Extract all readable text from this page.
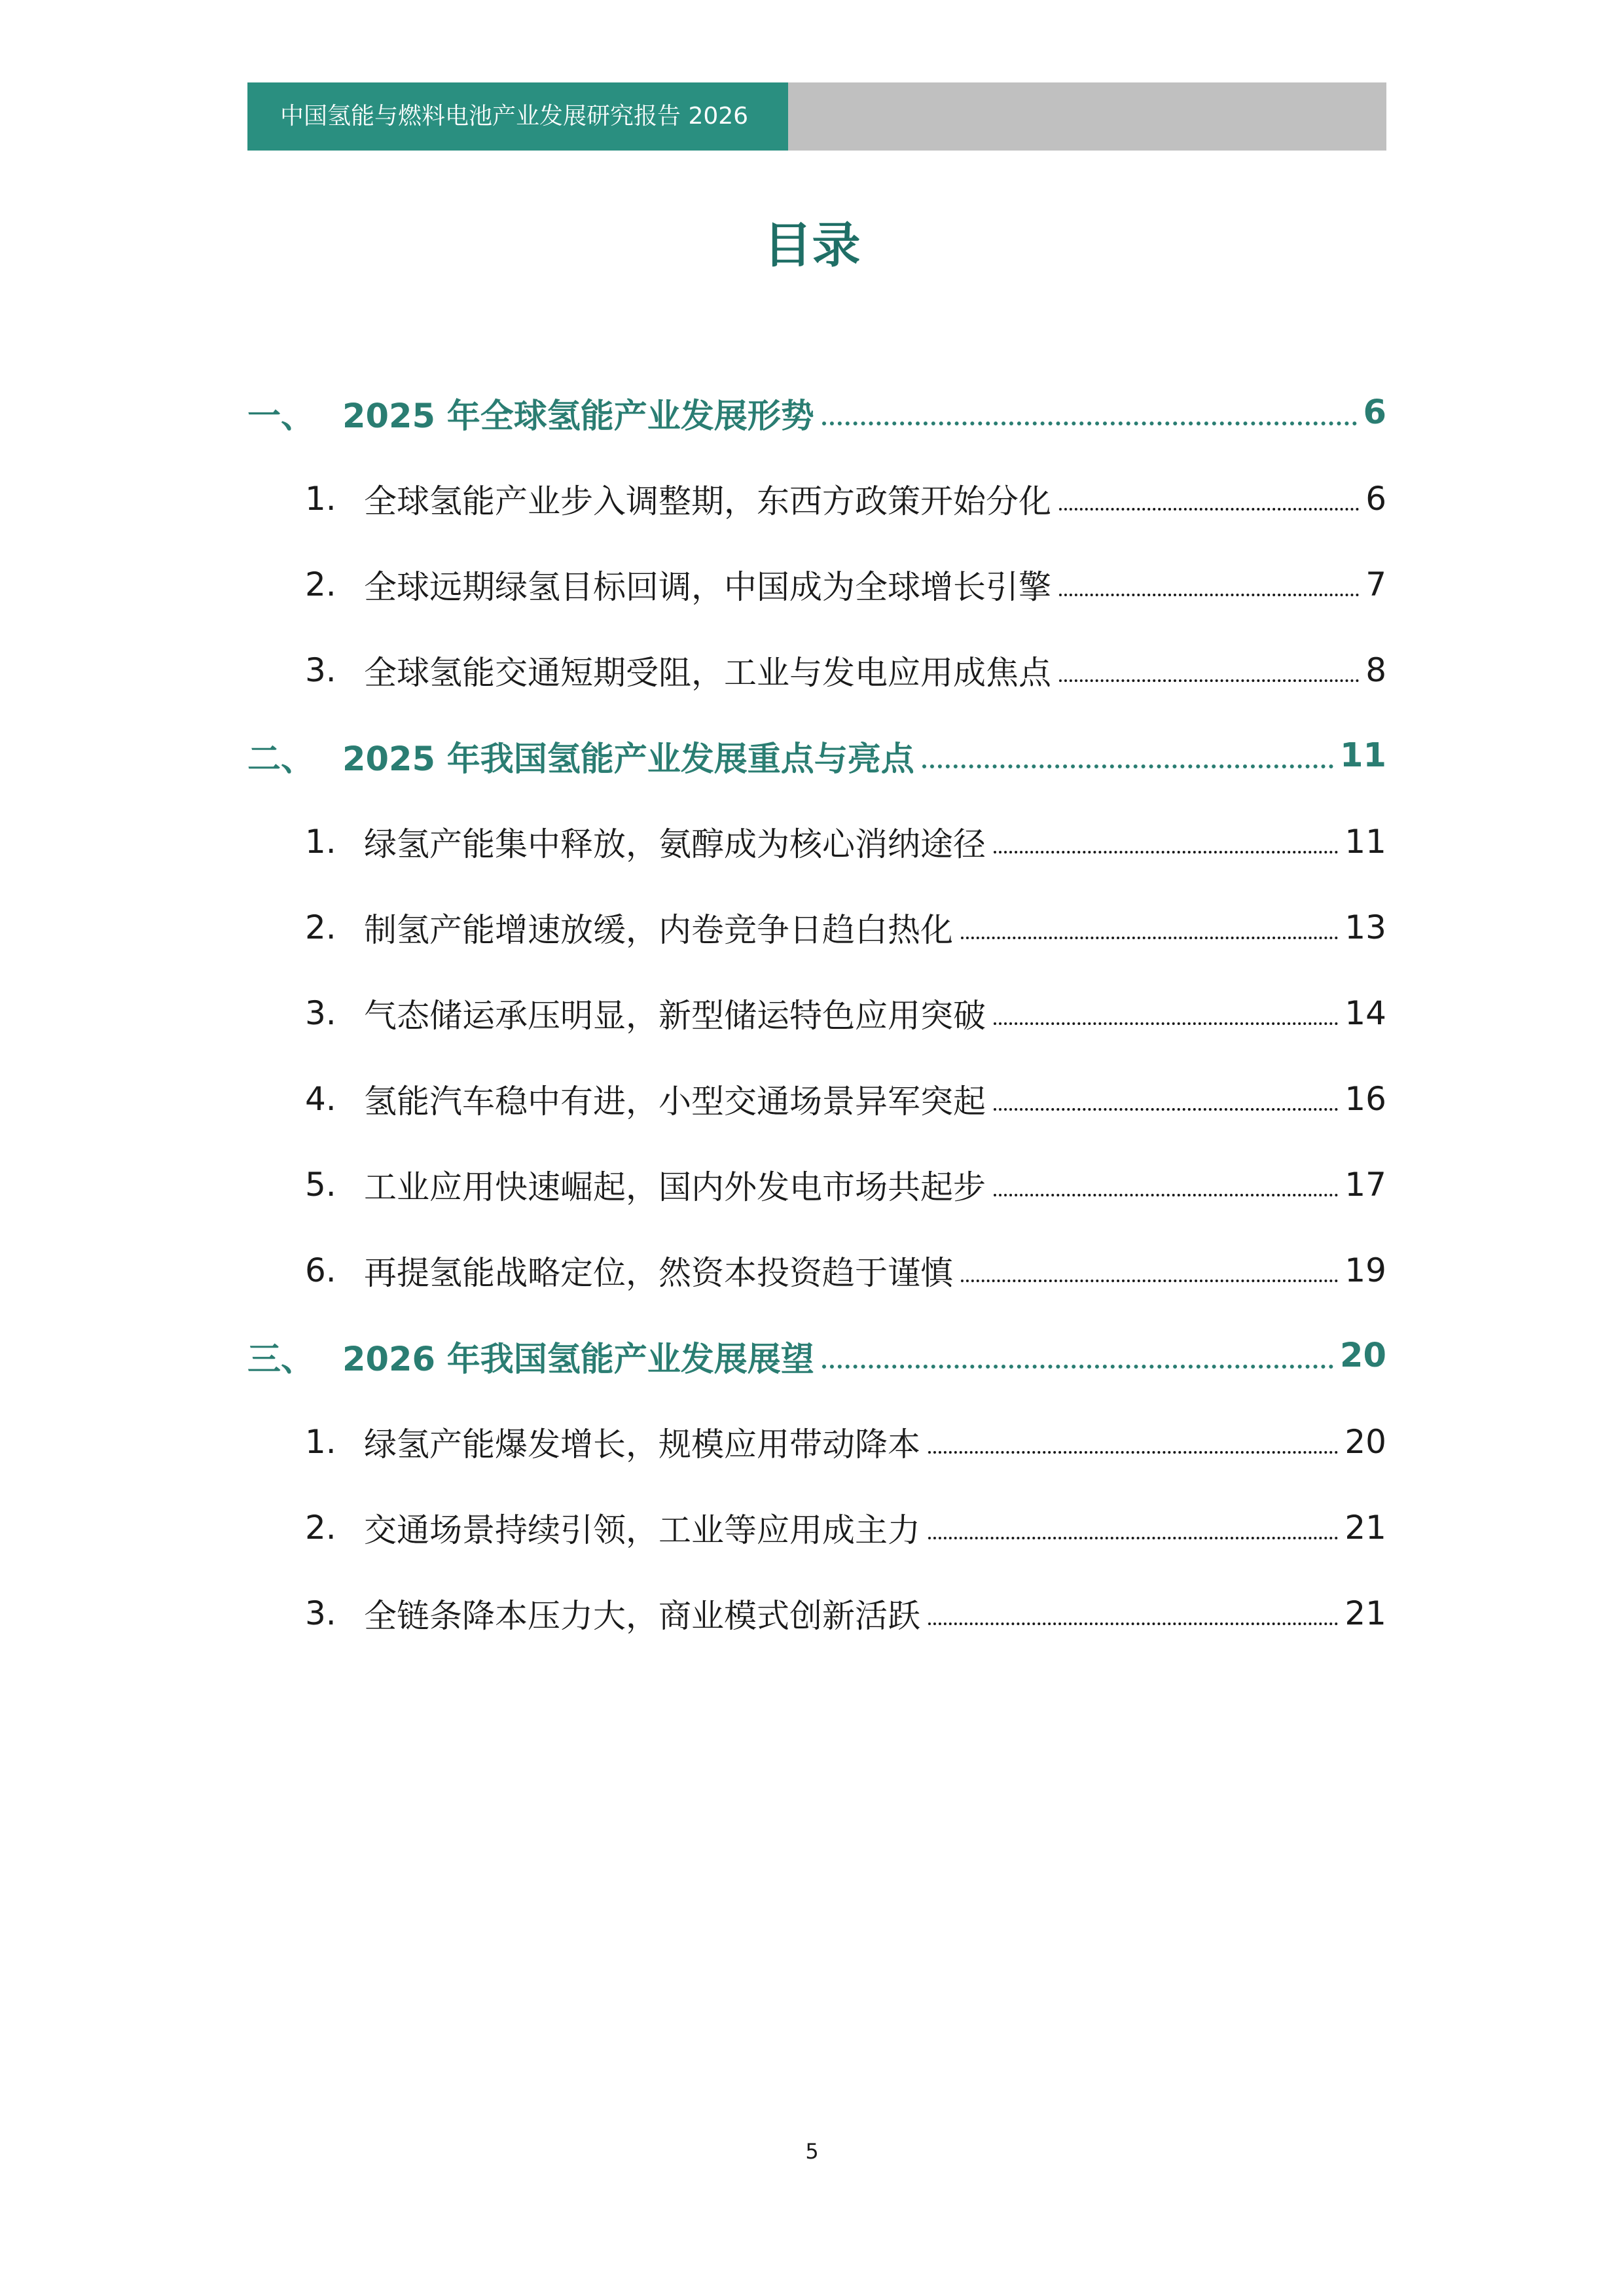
中国氢能与燃料电池产业发展研究报告 2026
目录
一、 2025 年全球氢能产业发展形势	6
1. 全球氢能产业步入调整期，东西方政策开始分化	6
2. 全球远期绿氢目标回调，中国成为全球增长引擎	7
3. 全球氢能交通短期受阻，工业与发电应用成焦点	8
二、 2025 年我国氢能产业发展重点与亮点	11
1. 绿氢产能集中释放，氨醇成为核心消纳途径	11
2. 制氢产能增速放缓，内卷竞争日趋白热化	13
3. 气态储运承压明显，新型储运特色应用突破	14
4. 氢能汽车稳中有进，小型交通场景异军突起	16
5. 工业应用快速崛起，国内外发电市场共起步	17
6. 再提氢能战略定位，然资本投资趋于谨慎	19
三、 2026 年我国氢能产业发展展望	20
1. 绿氢产能爆发增长，规模应用带动降本	20
2. 交通场景持续引领，工业等应用成主力	21
3. 全链条降本压力大，商业模式创新活跃	21
5
